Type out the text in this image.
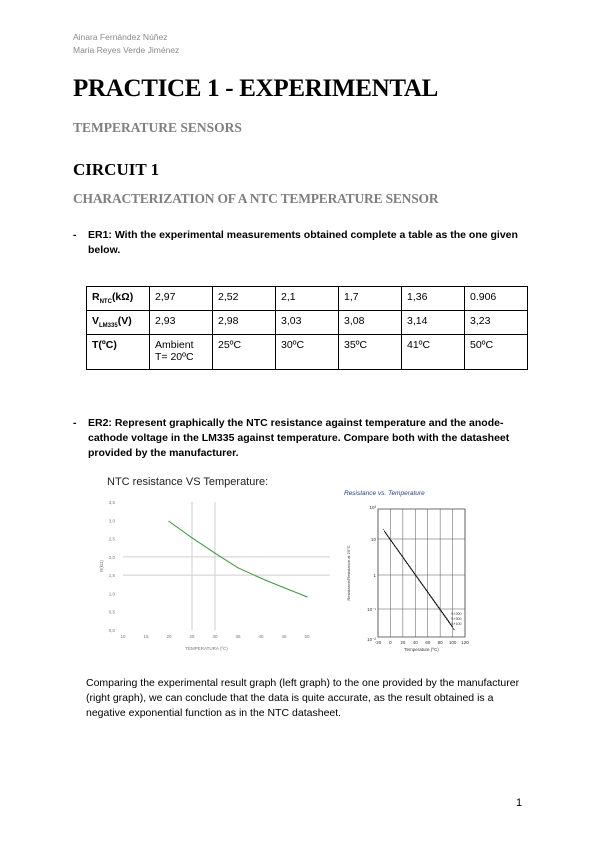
Ainara Fernández Núñez
Maria Reyes Verde Jiménez
PRACTICE 1 - EXPERIMENTAL
TEMPERATURE SENSORS
CIRCUIT 1
CHARACTERIZATION OF A NTC TEMPERATURE SENSOR
- ER1: With the experimental measurements obtained complete a table as the one given below.
$R_{NTC}(k\Omega)$	2,97	2,52	2,1	1,7	1,36	0.906
$V_{LM335}(V)$	2,93	2,98	3,03	3,08	3,14	3,23
T(ºC)	Ambient T= 20ºC	25ºC	30ºC	35ºC	41ºC	50ºC
- ER2: Represent graphically the NTC resistance against temperature and the anode-cathode voltage in the LM335 against temperature. Compare both with the datasheet provided by the manufacturer.
NTC resistance VS Temperature:
0,0
0,5
1,0
1,5
2,0
2,5
3,0
3,5
10	15	20	25	30	35	40	45	50
TEMPERATURA (ºC)
R(kΩ)
Resistance vs. Temperature
10³
10
1
10⁻¹
10⁻²
-20 0 20 40 60 80 100 120
Temperature (ºC)
Resistance/Resistance at 25°C
S+200
S+300
S+100
Comparing the experimental result graph (left graph) to the one provided by the manufacturer (right graph), we can conclude that the data is quite accurate, as the result obtained is a negative exponential function as in the NTC datasheet.
1
